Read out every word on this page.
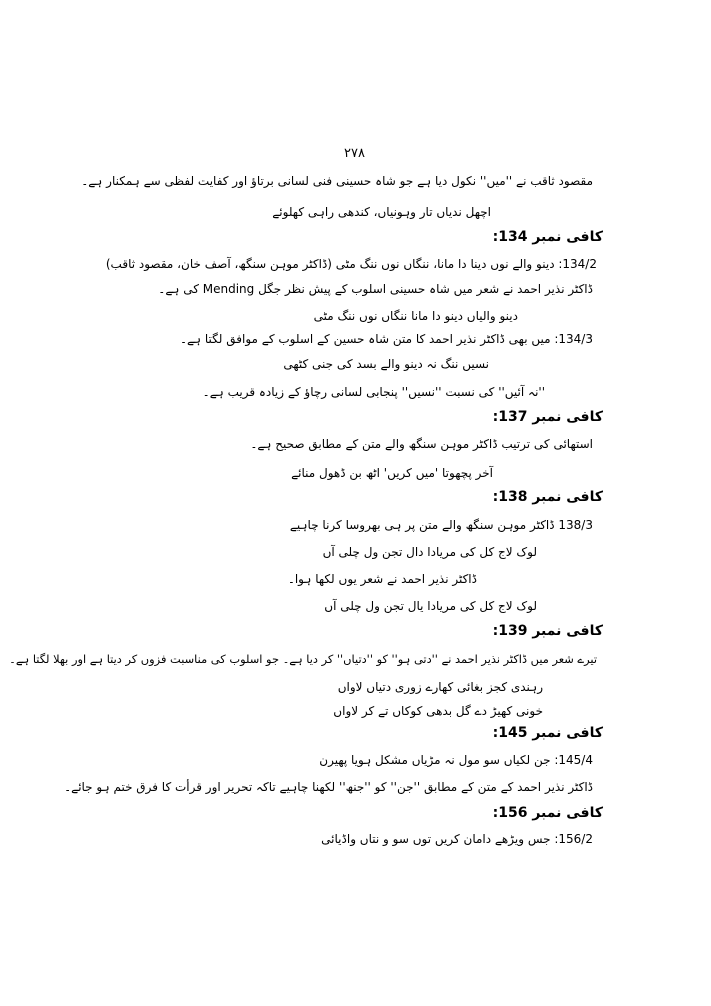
۲۷۸
مقصود ثاقب نے ''میں'' نکول دیا ہے جو شاہ حسینی فنی لسانی برتاؤ اور کفایت لفظی سے ہمکنار ہے۔
اچھل ندیاں تار وہونیاں، کندھی راہی کھلوئے
کافی نمبر 134:
134/2: دینو والے نوں دینا دا مانا، ننگاں نوں ننگ مٹی (ڈاکٹر موہن سنگھ، آصف خان، مقصود ثاقب)
ڈاکٹر نذیر احمد نے شعر میں شاہ حسینی اسلوب کے پیش نظر جگل Mending کی ہے۔
دینو والیاں دینو دا مانا ننگاں نوں ننگ مٹی
134/3: میں بھی ڈاکٹر نذیر احمد کا متن شاہ حسین کے اسلوب کے موافق لگتا ہے۔
نسیں ننگ نہ دینو والے بسد کی جنی کٹھی
''نہ آئیں'' کی نسبت ''نسیں'' پنجابی لسانی رچاؤ کے زیادہ قریب ہے۔
کافی نمبر 137:
استھائی کی ترتیب ڈاکٹر موہن سنگھ والے متن کے مطابق صحیح ہے۔
آخر پچھوتا 'میں کریں' اٹھ بن ڈھول منائے
کافی نمبر 138:
138/3 ڈاکٹر موہن سنگھ والے متن پر ہی بھروسا کرنا چاہیے
لوک لاج کل کی مریادا دال تجن ول چلی آں
ڈاکٹر نذیر احمد نے شعر یوں لکھا ہوا۔
لوک لاج کل کی مریادا یال تجن ول چلی آں
کافی نمبر 139:
تیرے شعر میں ڈاکٹر نذیر احمد نے ''دتی ہو'' کو ''دتیاں'' کر دیا ہے۔ جو اسلوب کی مناسبت فزوں کر دیتا ہے اور بھلا لگتا ہے۔
رہندی کجز بغائی کھارے زوری دتیاں لاواں
خونی کھیڑ دے گل بدھی کوکاں تے کر لاواں
کافی نمبر 145:
145/4: جن لکیاں سو مول نہ مڑیاں مشکل ہویا پھیرن
ڈاکٹر نذیر احمد کے متن کے مطابق ''جن'' کو ''جنھ'' لکھنا چاہیے تاکہ تحریر اور قرأت کا فرق ختم ہو جائے۔
کافی نمبر 156:
156/2: جس ویڑھے دامان کریں توں سو و نتاں واڈیائی
